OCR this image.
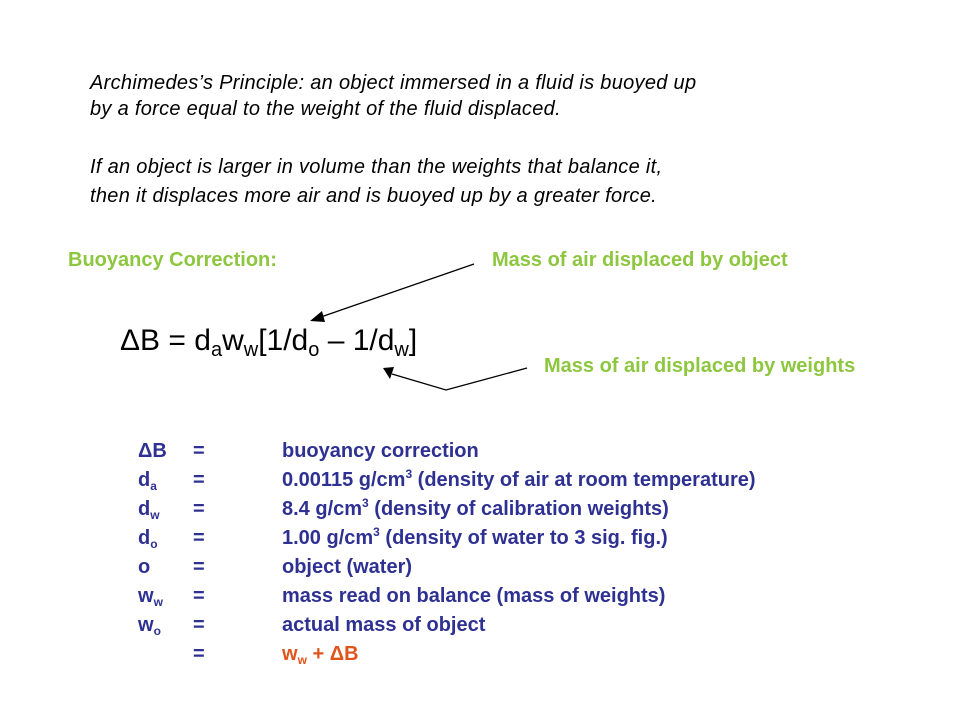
Archimedes’s Principle: an object immersed in a fluid is buoyed up
by a force equal to the weight of the fluid displaced.
If an object is larger in volume than the weights that balance it,
then it displaces more air and is buoyed up by a greater force.
Buoyancy Correction:	Mass of air displaced by object
Mass of air displaced by weights
$\Delta B = d_aw_w[1/d_o - 1/d_w]$
ΔB =	buoyancy correction
$d_a$ =	0.00115 $g/cm^3$ (density of air at room temperature)
$d_w$ =	8.4 $g/cm^3$ (density of calibration weights)
$d_o$ =	1.00 $g/cm^3$ (density of water to 3 sig. fig.)
o =	object (water)
$w_w$ =	mass read on balance (mass of weights)
$w_o$ =	actual mass of object
=	$w_w + \Delta B$
